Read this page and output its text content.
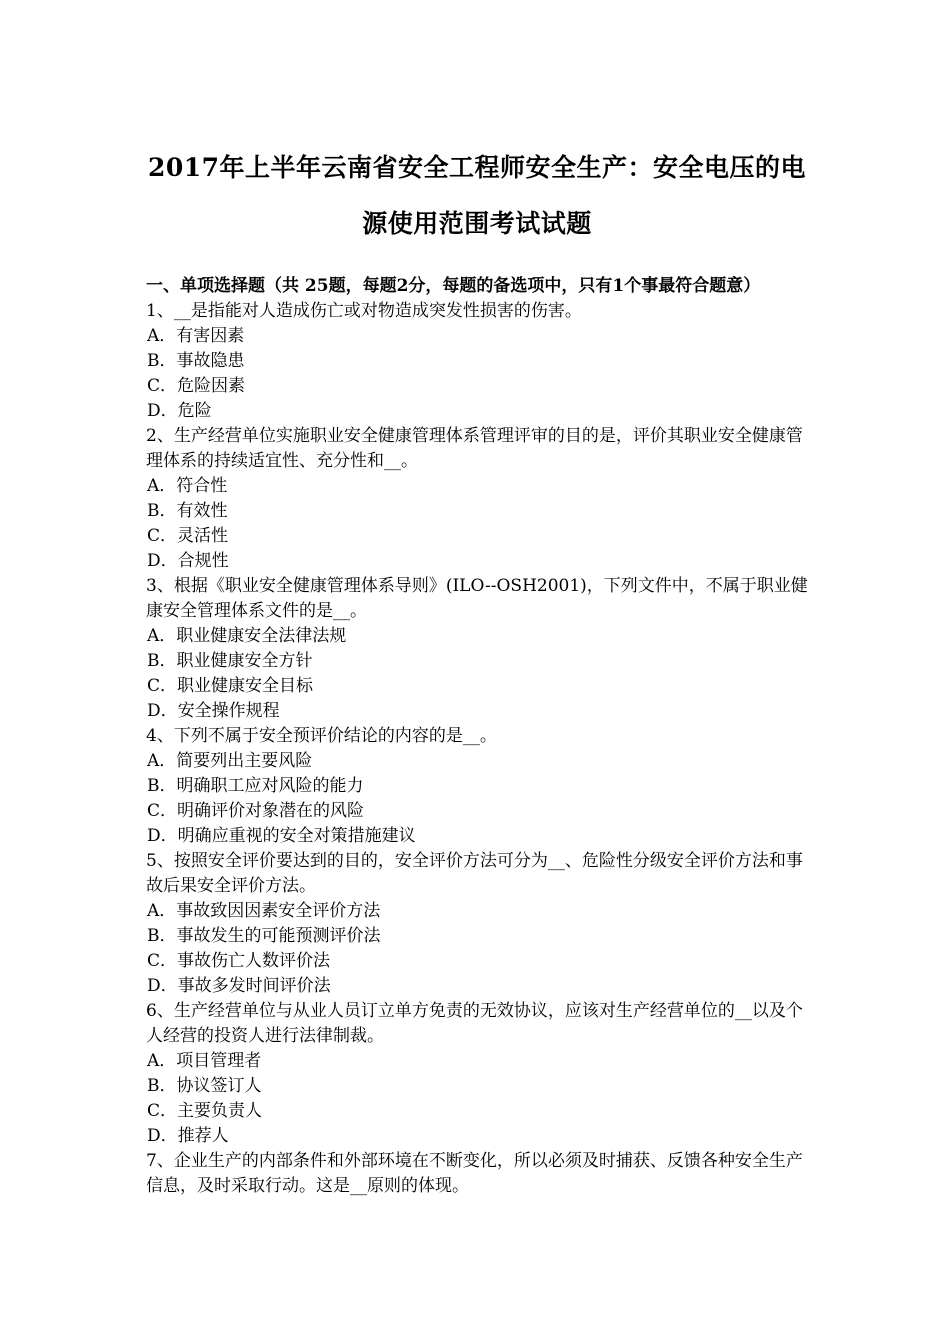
2017年上半年云南省安全工程师安全生产：安全电压的电
源使用范围考试试题
一、单项选择题（共 25题，每题2分，每题的备选项中，只有1个事最符合题意）
1、__是指能对人造成伤亡或对物造成突发性损害的伤害。
A．有害因素
B．事故隐患
C．危险因素
D．危险
2、生产经营单位实施职业安全健康管理体系管理评审的目的是，评价其职业安全健康管理体系的持续适宜性、充分性和__。
A．符合性
B．有效性
C．灵活性
D．合规性
3、根据《职业安全健康管理体系导则》(ILO--OSH2001)，下列文件中，不属于职业健康安全管理体系文件的是__。
A．职业健康安全法律法规
B．职业健康安全方针
C．职业健康安全目标
D．安全操作规程
4、下列不属于安全预评价结论的内容的是__。
A．简要列出主要风险
B．明确职工应对风险的能力
C．明确评价对象潜在的风险
D．明确应重视的安全对策措施建议
5、按照安全评价要达到的目的，安全评价方法可分为__、危险性分级安全评价方法和事故后果安全评价方法。
A．事故致因因素安全评价方法
B．事故发生的可能预测评价法
C．事故伤亡人数评价法
D．事故多发时间评价法
6、生产经营单位与从业人员订立单方免责的无效协议，应该对生产经营单位的__以及个人经营的投资人进行法律制裁。
A．项目管理者
B．协议签订人
C．主要负责人
D．推荐人
7、企业生产的内部条件和外部环境在不断变化，所以必须及时捕获、反馈各种安全生产信息，及时采取行动。这是__原则的体现。
